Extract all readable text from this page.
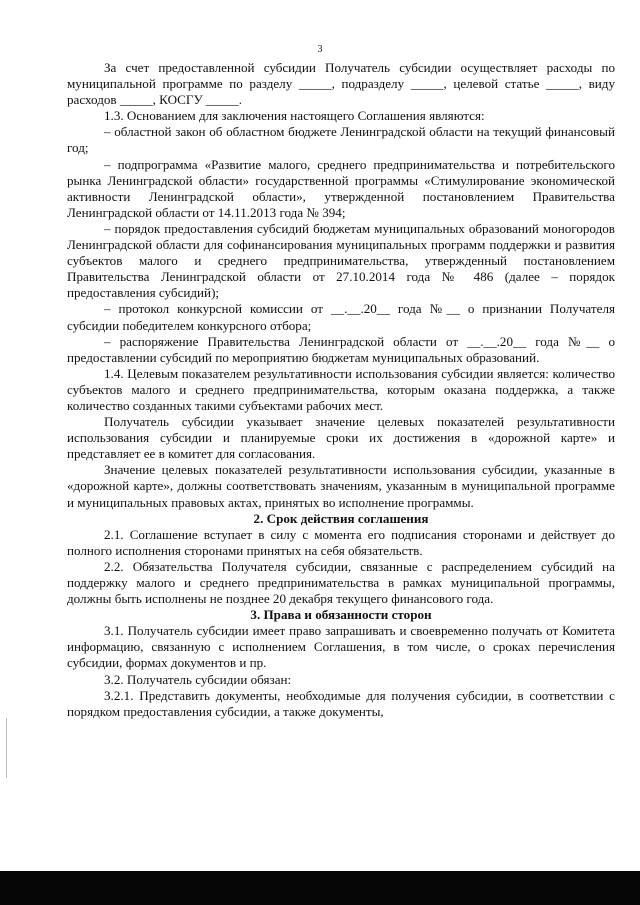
3

За счет предоставленной субсидии Получатель субсидии осуществляет расходы по муниципальной программе по разделу _____, подразделу _____, целевой статье _____, виду расходов _____, КОСГУ _____.

1.3. Основанием для заключения настоящего Соглашения являются:

– областной закон об областном бюджете Ленинградской области на текущий финансовый год;

– подпрограмма «Развитие малого, среднего предпринимательства и потребительского рынка Ленинградской области» государственной программы «Стимулирование экономической активности Ленинградской области», утвержденной постановлением Правительства Ленинградской области от 14.11.2013 года № 394;

– порядок предоставления субсидий бюджетам муниципальных образований моногородов Ленинградской области для софинансирования муниципальных программ поддержки и развития субъектов малого и среднего предпринимательства, утвержденный постановлением Правительства Ленинградской области от 27.10.2014 года № 486 (далее – порядок предоставления субсидий);

– протокол конкурсной комиссии от __.__.20__ года №__ о признании Получателя субсидии победителем конкурсного отбора;

– распоряжение Правительства Ленинградской области от __.__.20__ года №__ о предоставлении субсидий по мероприятию бюджетам муниципальных образований.

1.4. Целевым показателем результативности использования субсидии является: количество субъектов малого и среднего предпринимательства, которым оказана поддержка, а также количество созданных такими субъектами рабочих мест.

Получатель субсидии указывает значение целевых показателей результативности использования субсидии и планируемые сроки их достижения в «дорожной карте» и представляет ее в комитет для согласования.

Значение целевых показателей результативности использования субсидии, указанные в «дорожной карте», должны соответствовать значениям, указанным в муниципальной программе и муниципальных правовых актах, принятых во исполнение программы.

2. Срок действия соглашения

2.1. Соглашение вступает в силу с момента его подписания сторонами и действует до полного исполнения сторонами принятых на себя обязательств.

2.2. Обязательства Получателя субсидии, связанные с распределением субсидий на поддержку малого и среднего предпринимательства в рамках муниципальной программы, должны быть исполнены не позднее 20 декабря текущего финансового года.

3. Права и обязанности сторон

3.1. Получатель субсидии имеет право запрашивать и своевременно получать от Комитета информацию, связанную с исполнением Соглашения, в том числе, о сроках перечисления субсидии, формах документов и пр.

3.2. Получатель субсидии обязан:

3.2.1. Представить документы, необходимые для получения субсидии, в соответствии с порядком предоставления субсидии, а также документы,
